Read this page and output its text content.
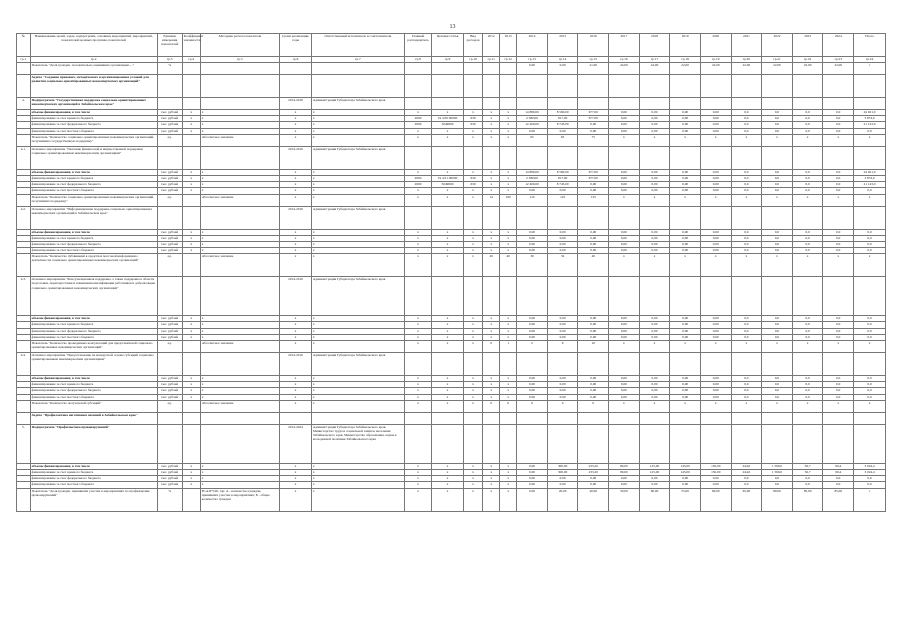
13
№	Наименование целей, задач, подпрограмм, основных мероприятий, мероприятий, показателей целевых программ, показателей	Единица измерения показателей	Коэффициент значимости	Методика расчета показателя	Сроки реализации, годы	Ответственный исполнитель и соисполнители	Главный распорядитель	Целевая статья	Вид расходов	2012	2013	2014	2015	2016	2017	2018	2019	2020	2021	2022	2023	2024	Итого
гр.1	гр.2	гр.3	гр.4	гр.5	гр.6	гр.7	гр.8	гр.9	гр.10	гр.11	гр.12	гр.13	гр.14	гр.15	гр.16	гр.17	гр.18	гр.19	гр.20	гр.21	гр.22	гр.23	гр.24
	Показатель "Доля граждан, положительно оценивших организацию ..."	%										0,00	0,00	21,00	24,00	24,00	22,00	22,00	22,00	22,00	22,00	22,00	с
	Задача "Создание правовых, методических и организационных условий для развития социально ориентированных некоммерческих организаций"																						
4.	Подпрограмма "Государственная поддержка социально ориентированных некоммерческих организаций в Забайкальском крае"				2014-2018	Администрация Губернатора Забайкальского края																	
	объемы финансирования, в том числе	тыс. рублей	х	х	х	х	х	х	х	х	х	14 880,00	8 560,00	677,00	0,00	0,00	0,00	0,00	0,0	0,0	0,0	0,0	24 021,0
	финансирование за счет краевого бюджета	тыс. рублей	х	х	х	х	2000	19 4 00 00000	630	х	х	2 380,00	817,00	677,00	0,00	0,00	0,00	0,00	0,0	0,0	0,0	0,0	3 874,0
	финансирование за счет федерального бюджета	тыс. рублей	х	х	х	х	2000	5049000	630	х	х	12 400,00	8 743,00	0,00	0,00	0,00	0,00	0,00	0,0	0,0	0,0	0,0	21 143,0
	финансирование за счет местного бюджета	тыс. рублей	х	х	х	х	х	х	х	х	х	0,00	0,00	0,00	0,00	0,00	0,00	0,00	0,0	0,0	0,0	0,0	0,0
	Показатель "Количество социально ориентированных некоммерческих организаций, получивших государственную поддержку"	ед.		Абсолютное значение	х	х	х	х	х	х	х	65	65	75	х	х	х	х	х	х	х	х	х
4.1.	Основное мероприятие "Оказание финансовой и имущественной поддержки социально ориентированным некоммерческим организациям"				2014-2016	Администрация Губернатора Забайкальского края																	
	объемы финансирования, в том числе	тыс. рублей	х	х	х	х	х	х	х	х	х	14 880,00	8 560,00	677,00	0,00	0,00	0,00	0,00	0,0	0,0	0,0	0,0	24 021,0
	финансирование за счет краевого бюджета	тыс. рублей	х	х	х	х	2000	19 4 01 00000	630	х	х	2 380,00	817,00	677,00	0,00	0,00	0,00	0,00	0,0	0,0	0,0	0,0	3 874,0
	финансирование за счет федерального бюджета	тыс. рублей	х	х	х	х	2000	5049000	630	х	х	12 400,00	8 743,00	0,00	0,00	0,00	0,00	0,00	0,0	0,0	0,0	0,0	21 143,0
	финансирование за счет местного бюджета	тыс. рублей	х	х	х	х	х	х	х	х	х	0,00	0,00	0,00	0,00	0,00	0,00	0,00	0,0	0,0	0,0	0,0	0,0
	Показатель "Количество социально ориентированных некоммерческих организаций, получивших поддержку"	ед.		Абсолютное значение	х	х	х	х	х	14	100	110	125	135	х	х	х	х	х	х	х	х	х
4.2.	Основное мероприятие "Информационная поддержка социально ориентированных некоммерческих организаций в Забайкальском крае"				2014-2016	Администрация Губернатора Забайкальского края																	
	объемы финансирования, в том числе	тыс. рублей	х	х	х	х	х	х	х	х	х	0,00	0,00	0,00	0,00	0,00	0,00	0,00	0,0	0,0	0,0	0,0	0,0
	финансирование за счет краевого бюджета	тыс. рублей	х	х	х	х	х	х	х	х	х	0,00	0,00	0,00	0,00	0,00	0,00	0,00	0,0	0,0	0,0	0,0	0,0
	финансирование за счет федерального бюджета	тыс. рублей	х	х	х	х	х	х	х	х	х	0,00	0,00	0,00	0,00	0,00	0,00	0,00	0,0	0,0	0,0	0,0	0,0
	финансирование за счет местного бюджета	тыс. рублей	х	х	х	х	х	х	х	х	х	0,00	0,00	0,00	0,00	0,00	0,00	0,00	0,0	0,0	0,0	0,0	0,0
	Показатель "Количество публикаций в средствах массовой информации о деятельности социально ориентированных некоммерческих организаций"	ед.		Абсолютное значение	х	х	х	х	х	26	40	30	32	40	х	х	х	х	х	х	х	х	х
4.3.	Основное мероприятие "Консультационная поддержка, а также поддержка в области подготовки, переподготовки и повышения квалификации работников и добровольцев социально ориентированных некоммерческих организаций"				2014-2016	Администрация Губернатора Забайкальского края																	
	объемы финансирования, в том числе	тыс. рублей	х	х	х	х	х	х	х	х	х	0,00	0,00	0,00	0,00	0,00	0,00	0,00	0,0	0,0	0,0	0,0	0,0
	финансирование за счет краевого бюджета	тыс. рублей	х	х	х	х	х	х	х	х	х	0,00	0,00	0,00	0,00	0,00	0,00	0,00	0,0	0,0	0,0	0,0	0,0
	финансирование за счет федерального бюджета	тыс. рублей	х	х	х	х	х	х	х	х	х	0,00	0,00	0,00	0,00	0,00	0,00	0,00	0,0	0,0	0,0	0,0	0,0
	финансирование за счет местного бюджета	тыс. рублей	х	х	х	х	х	х	х	х	х	0,00	0,00	0,00	0,00	0,00	0,00	0,00	0,0	0,0	0,0	0,0	0,0
	Показатель "Количество проведенных консультаций для представителей социально ориентированных некоммерческих организаций"	ед.		Абсолютное значение	х	х	х	х	х	0	1	2	6	10	х	х	х	х	х	х	х	х	х
4.4.	Основное мероприятие "Предоставление на конкурсной основе субсидий социально ориентированным некоммерческим организациям"				2014-2016	Администрация Губернатора Забайкальского края																	
	объемы финансирования, в том числе	тыс. рублей	х	х	х	х	х	х	х	х	х	0,00	0,00	0,00	0,00	0,00	0,00	0,00	0,0	0,0	0,0	0,0	0,0
	финансирование за счет краевого бюджета	тыс. рублей	х	х	х	х	х	х	х	х	х	0,00	0,00	0,00	0,00	0,00	0,00	0,00	0,0	0,0	0,0	0,0	0,0
	финансирование за счет федерального бюджета	тыс. рублей	х	х	х	х	х	х	х	х	х	0,00	0,00	0,00	0,00	0,00	0,00	0,00	0,0	0,0	0,0	0,0	0,0
	финансирование за счет местного бюджета	тыс. рублей	х	х	х	х	х	х	х	х	х	0,00	0,00	0,00	0,00	0,00	0,00	0,00	0,0	0,0	0,0	0,0	0,0
	Показатель "Количество получателей субсидий"	ед.		Абсолютное значение	х	х	х	х	х	0	0	0	0	0	х	х	х	х	х	х	х	х	х
	Задача "Профилактика негативных явлений в Забайкальском крае"																						
5.	Подпрограмма "Профилактика правонарушений"				2014-2024	Администрация Губернатора Забайкальского края, Министерство труда и социальной защиты населения Забайкальского края, Министерство образования, науки и молодежной политики Забайкальского края																	
	объемы финансирования, в том числе	тыс. рублей	х	х	х	х	х	х	х	х	х	0,00	300,00	233,20	80,00	125,00	145,00	150,00	244,0	1 590,0	56,7	99,4	3 024,4
	финансирование за счет краевого бюджета	тыс. рублей	х	х	х	х	х	х	х	х	х	0,00	300,00	233,20	80,00	125,00	145,00	150,00	244,0	1 590,0	56,7	99,4	3 024,4
	финансирование за счет федерального бюджета	тыс. рублей	х	х	х	х	х	х	х	х	х	0,00	0,00	0,00	0,00	0,00	0,00	0,00	0,0	0,0	0,0	0,0	0,0
	финансирование за счет местного бюджета	тыс. рублей	х	х	х	х	х	х	х	х	х	0,00	0,00	0,00	0,00	0,00	0,00	0,00	0,0	0,0	0,0	0,0	0,0
	Показатель "Доля граждан, принявших участие в мероприятиях по профилактике правонарушений"	%		В=А/Б*100, где: А - количество граждан, принявших участие в мероприятиях; Б - общее количество граждан	х	х	х	х	х	х	х	0,00	20,00	40,00	50,00	60,00	55,00	60,00	65,00	80,00	85,00	85,00	с
